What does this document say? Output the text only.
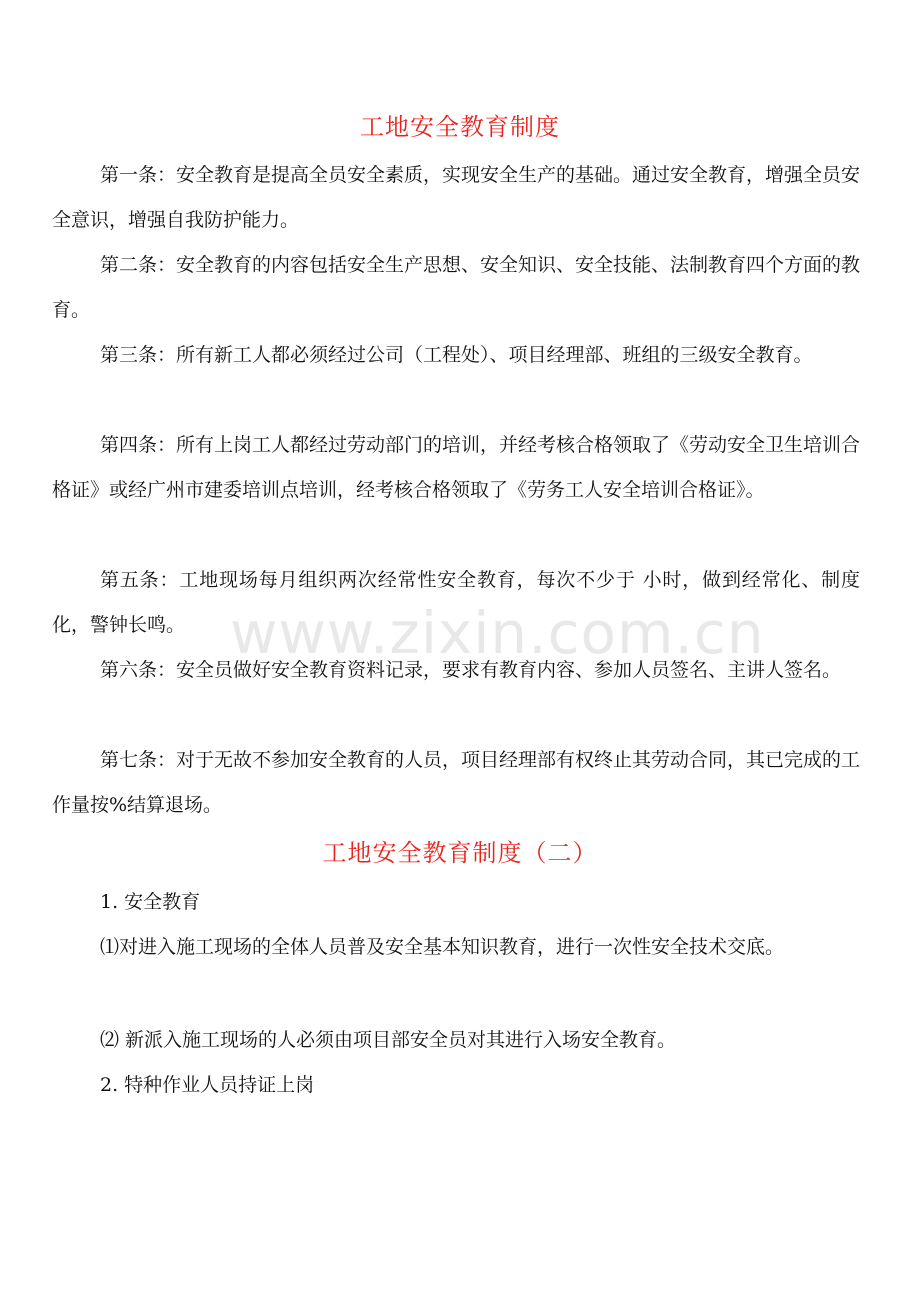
工地安全教育制度

第一条：安全教育是提高全员安全素质，实现安全生产的基础。通过安全教育，增强全员安全意识，增强自我防护能力。

第二条：安全教育的内容包括安全生产思想、安全知识、安全技能、法制教育四个方面的教育。

第三条：所有新工人都必须经过公司（工程处）、项目经理部、班组的三级安全教育。

第四条：所有上岗工人都经过劳动部门的培训，并经考核合格领取了《劳动安全卫生培训合格证》或经广州市建委培训点培训，经考核合格领取了《劳务工人安全培训合格证》。

第五条：工地现场每月组织两次经常性安全教育，每次不少于 小时，做到经常化、制度化，警钟长鸣。

第六条：安全员做好安全教育资料记录，要求有教育内容、参加人员签名、主讲人签名。

第七条：对于无故不参加安全教育的人员，项目经理部有权终止其劳动合同，其已完成的工作量按%结算退场。

工地安全教育制度（二）

1. 安全教育

⑴对进入施工现场的全体人员普及安全基本知识教育，进行一次性安全技术交底。

⑵ 新派入施工现场的人必须由项目部安全员对其进行入场安全教育。

2. 特种作业人员持证上岗

www.zixin.com.cn
